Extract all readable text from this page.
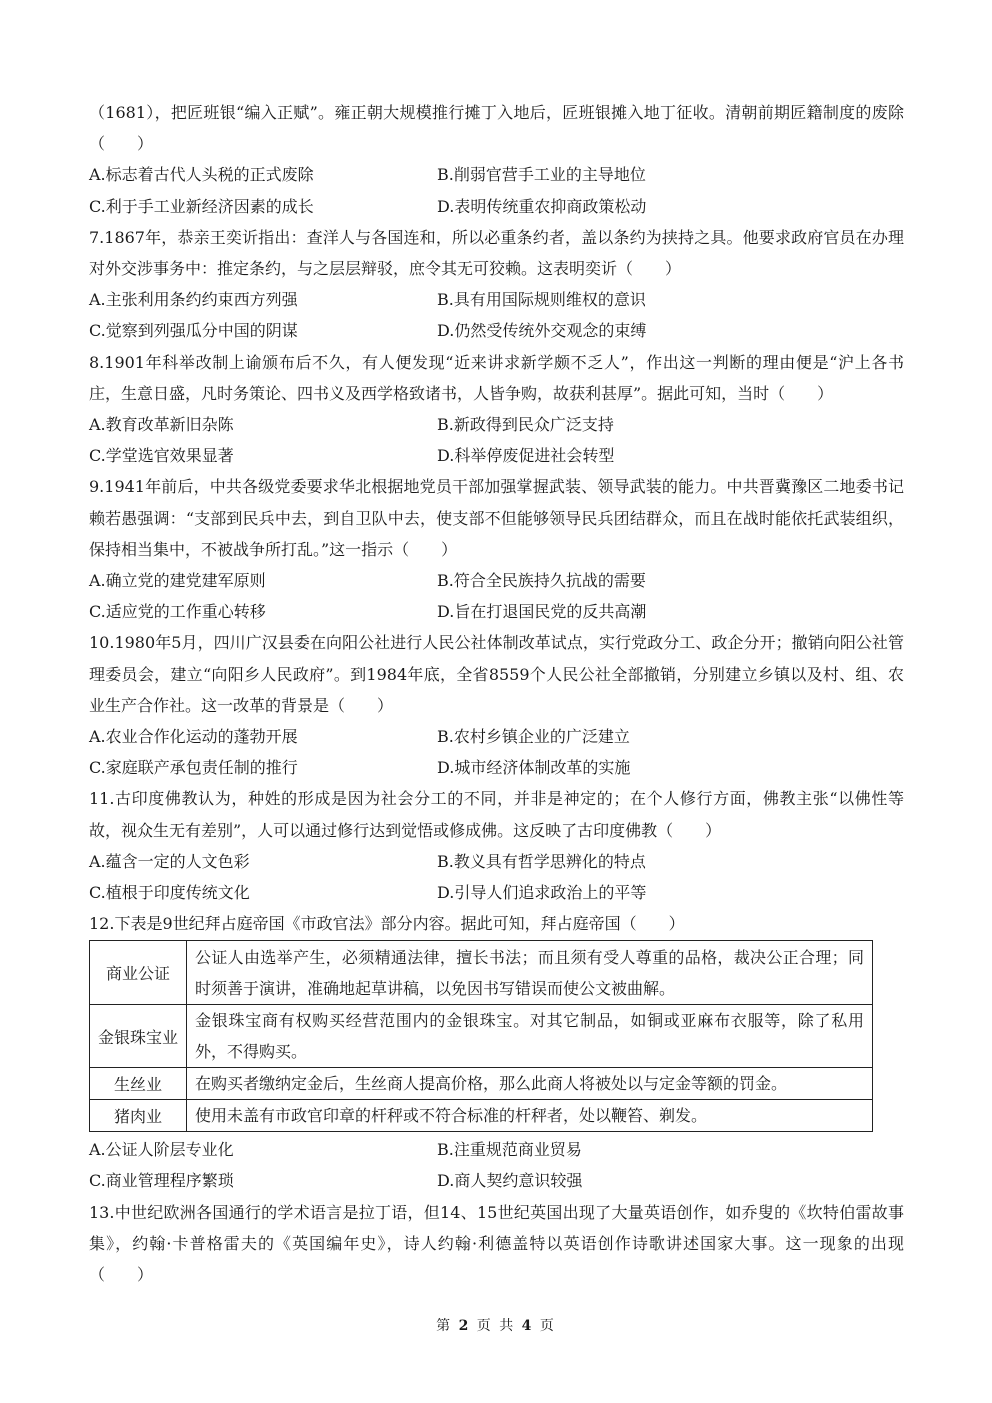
（1681），把匠班银“编入正赋”。雍正朝大规模推行摊丁入地后，匠班银摊入地丁征收。清朝前期匠籍制度的废除（　　）

A.标志着古代人头税的正式废除	B.削弱官营手工业的主导地位
C.利于手工业新经济因素的成长	D.表明传统重农抑商政策松动

7.1867年，恭亲王奕䜣指出：查洋人与各国连和，所以必重条约者，盖以条约为挟持之具。他要求政府官员在办理对外交涉事务中：推定条约，与之层层辩驳，庶令其无可狡赖。这表明奕䜣（　　）

A.主张利用条约约束西方列强	B.具有用国际规则维权的意识
C.觉察到列强瓜分中国的阴谋	D.仍然受传统外交观念的束缚

8.1901年科举改制上谕颁布后不久，有人便发现“近来讲求新学颇不乏人”，作出这一判断的理由便是“沪上各书庄，生意日盛，凡时务策论、四书义及西学格致诸书，人皆争购，故获利甚厚”。据此可知，当时（　　）

A.教育改革新旧杂陈	B.新政得到民众广泛支持
C.学堂选官效果显著	D.科举停废促进社会转型

9.1941年前后，中共各级党委要求华北根据地党员干部加强掌握武装、领导武装的能力。中共晋冀豫区二地委书记赖若愚强调：“支部到民兵中去，到自卫队中去，使支部不但能够领导民兵团结群众，而且在战时能依托武装组织，保持相当集中，不被战争所打乱。”这一指示（　　）

A.确立党的建党建军原则	B.符合全民族持久抗战的需要
C.适应党的工作重心转移	D.旨在打退国民党的反共高潮

10.1980年5月，四川广汉县委在向阳公社进行人民公社体制改革试点，实行党政分工、政企分开；撤销向阳公社管理委员会，建立“向阳乡人民政府”。到1984年底，全省8559个人民公社全部撤销，分别建立乡镇以及村、组、农业生产合作社。这一改革的背景是（　　）

A.农业合作化运动的蓬勃开展	B.农村乡镇企业的广泛建立
C.家庭联产承包责任制的推行	D.城市经济体制改革的实施

11.古印度佛教认为，种姓的形成是因为社会分工的不同，并非是神定的；在个人修行方面，佛教主张“以佛性等故，视众生无有差别”，人可以通过修行达到觉悟或修成佛。这反映了古印度佛教（　　）

A.蕴含一定的人文色彩	B.教义具有哲学思辨化的特点
C.植根于印度传统文化	D.引导人们追求政治上的平等

12.下表是9世纪拜占庭帝国《市政官法》部分内容。据此可知，拜占庭帝国（　　）

商业公证	公证人由选举产生，必须精通法律，擅长书法；而且须有受人尊重的品格，裁决公正合理；同时须善于演讲，准确地起草讲稿，以免因书写错误而使公文被曲解。
金银珠宝业	金银珠宝商有权购买经营范围内的金银珠宝。对其它制品，如铜或亚麻布衣服等，除了私用外，不得购买。
生丝业	在购买者缴纳定金后，生丝商人提高价格，那么此商人将被处以与定金等额的罚金。
猪肉业	使用未盖有市政官印章的杆秤或不符合标准的杆秤者，处以鞭笞、剃发。
A.公证人阶层专业化	B.注重规范商业贸易
C.商业管理程序繁琐	D.商人契约意识较强

13.中世纪欧洲各国通行的学术语言是拉丁语，但14、15世纪英国出现了大量英语创作，如乔叟的《坎特伯雷故事集》，约翰·卡普格雷夫的《英国编年史》，诗人约翰·利德盖特以英语创作诗歌讲述国家大事。这一现象的出现（　　）

第 2 页 共 4 页
